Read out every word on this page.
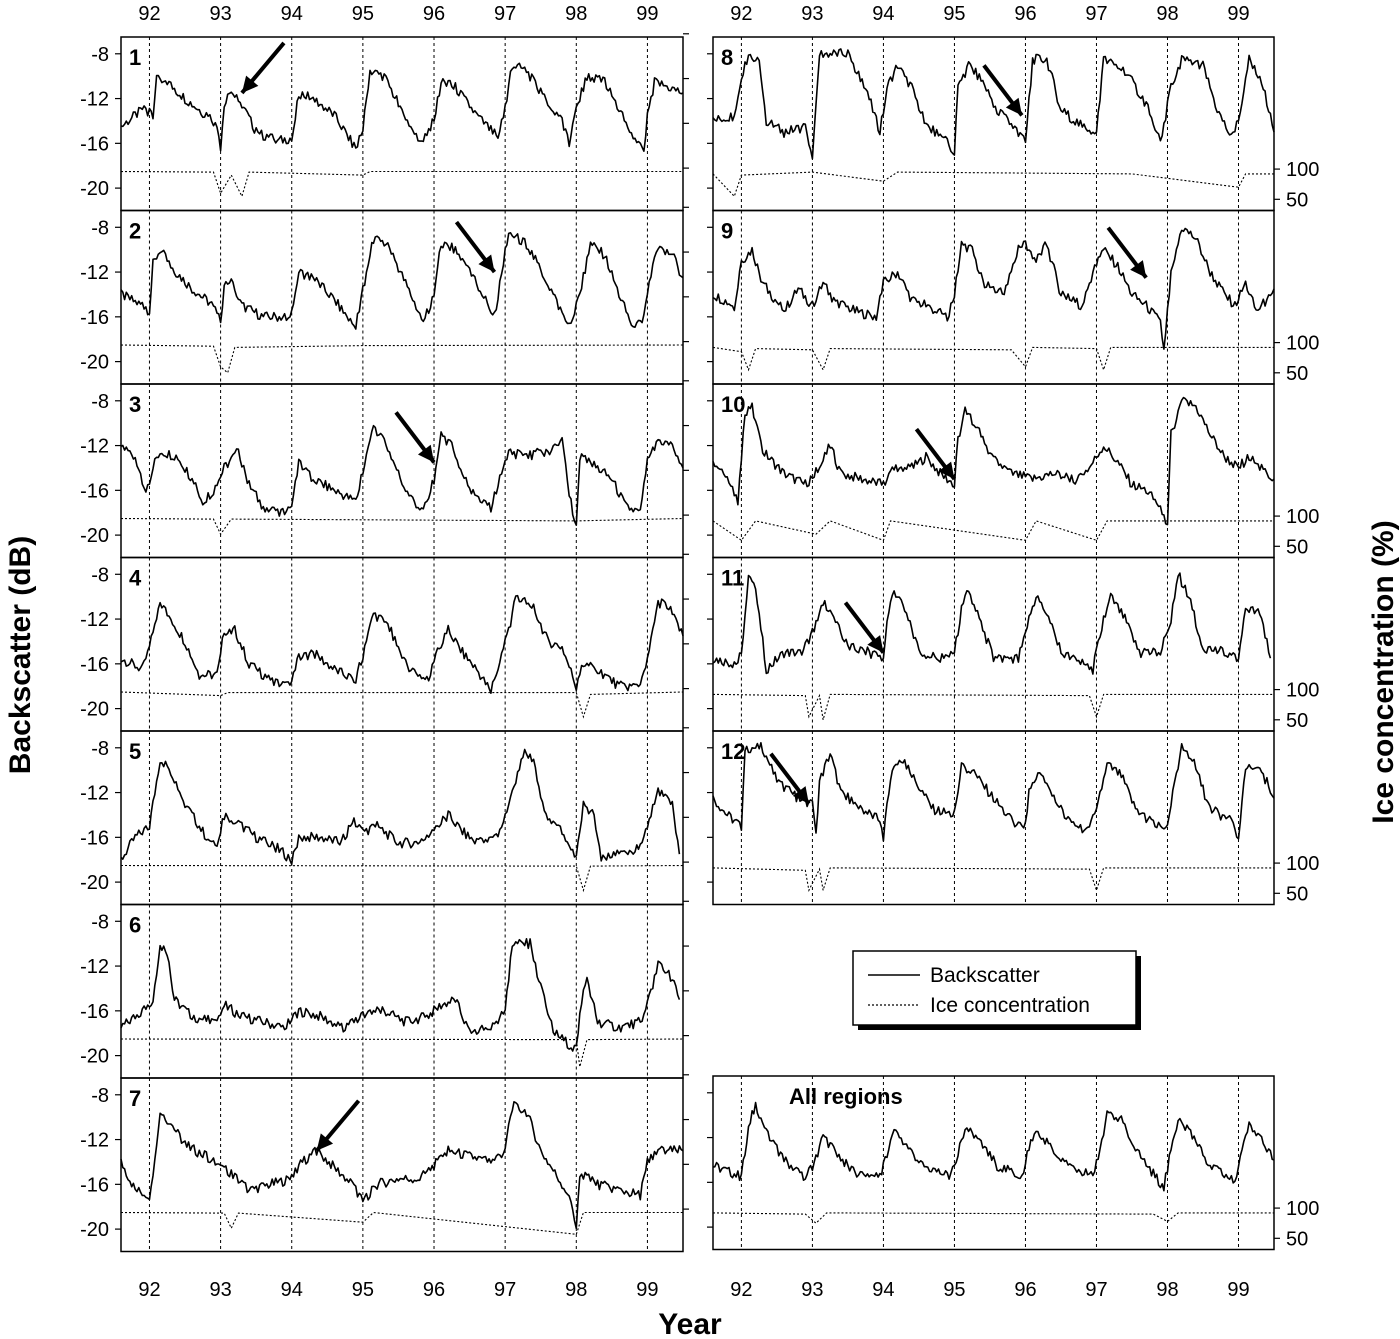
-8
-12
-16
-20
1
-8
-12
-16
-20
2
-8
-12
-16
-20
3
-8
-12
-16
-20
4
-8
-12
-16
-20
5
-8
-12
-16
-20
6
-8
-12
-16
-20
7
100
50
8
100
50
9
100
50
10
100
50
11
100
50
12
100
50
All regions
92 93 94 95 96 97 98 99	92 93 94 95 96 97 98 99
92 93 94 95 96 97 98 99	92 93 94 95 96 97 98 99
Backscatter (dB)	Ice concentration (%)
Year
Backscatter
Ice concentration
